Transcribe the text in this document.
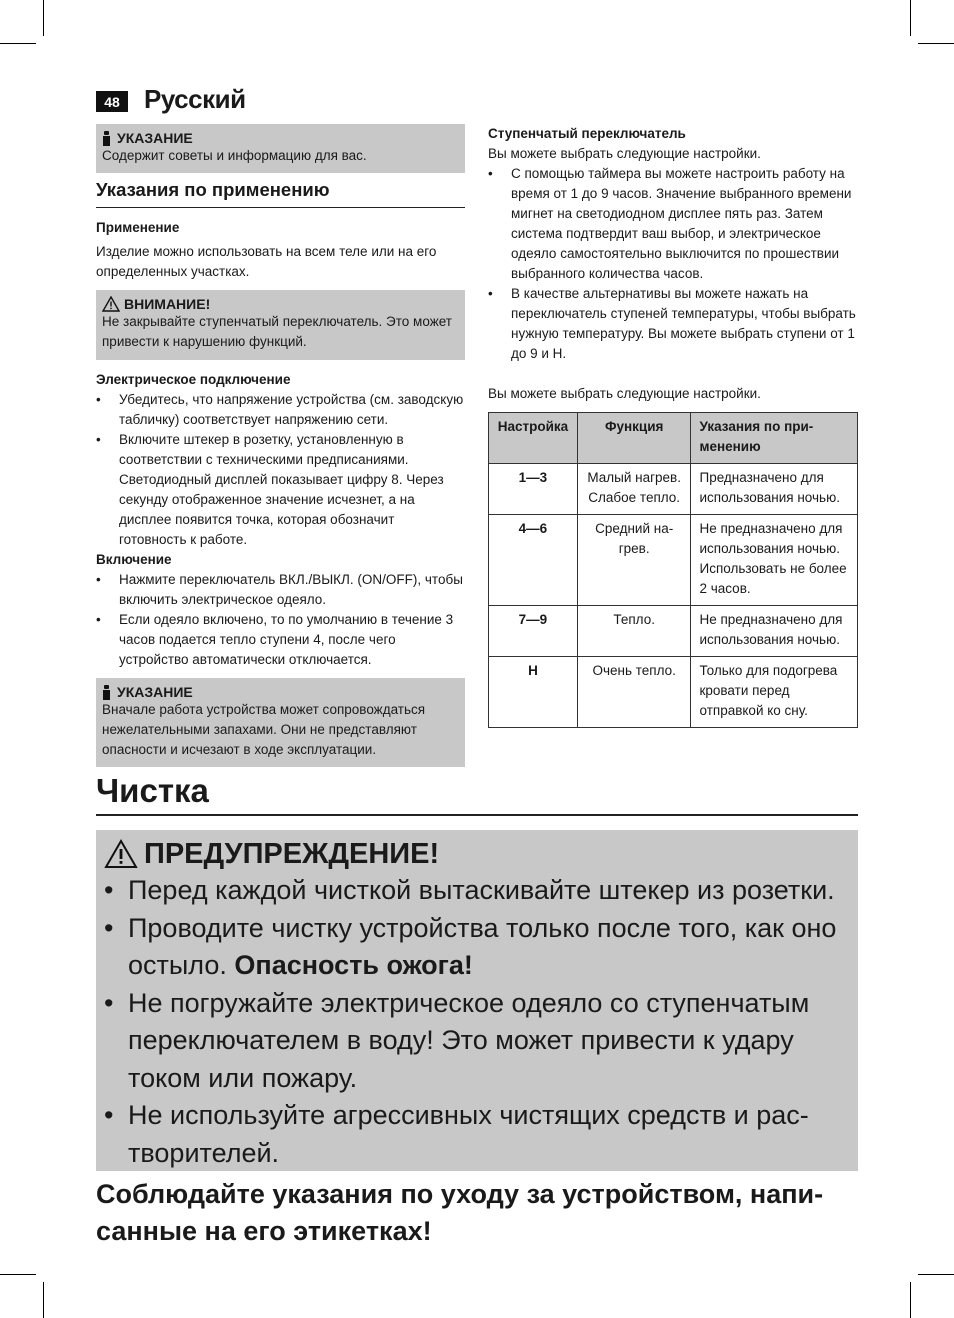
48 Русский
УКАЗАНИЕ
Содержит советы и информацию для вас.
Указания по применению
Применение

Изделие можно использовать на всем теле или на его определенных участках.

ВНИМАНИЕ!
Не закрывайте ступенчатый переключатель. Это может привести к нарушению функций.
Электрическое подключение
• Убедитесь, что напряжение устройства (см. заводскую табличку) соответствует напряжению сети.
• Включите штекер в розетку, установленную в соответствии с техническими предписаниями. Светодиодный дисплей показывает цифру 8. Через секунду отображенное значение исчезнет, а на дисплее появится точка, которая обозначит готовность к работе.
Включение
• Нажмите переключатель ВКЛ./ВЫКЛ. (ON/OFF), чтобы включить электрическое одеяло.
• Если одеяло включено, то по умолчанию в течение 3 часов подается тепло ступени 4, после чего устройство автоматически отключается.
УКАЗАНИЕ
Вначале работа устройства может сопровождаться нежелательными запахами. Они не представляют опасности и исчезают в ходе эксплуатации.
Ступенчатый переключатель

Вы можете выбрать следующие настройки.

• С помощью таймера вы можете настроить работу на время от 1 до 9 часов. Значение выбранного времени мигнет на светодиодном дисплее пять раз. Затем система подтвердит ваш выбор, и электрическое одеяло самостоятельно выключится по прошествии выбранного количества часов.
• В качестве альтернативы вы можете нажать на переключатель ступеней температуры, чтобы выбрать нужную температуру. Вы можете выбрать ступени от 1 до 9 и H.

Вы можете выбрать следующие настройки.

Настройка	Функция	Указания по применению
1—3	Малый нагрев. Слабое тепло.	Предназначено для использования ночью.
4—6	Средний нагрев.	Не предназначено для использования ночью. Использовать не более 2 часов.
7—9	Тепло.	Не предназначено для использования ночью.
H	Очень тепло.	Только для подогрева кровати перед отправкой ко сну.
Чистка
ПРЕДУПРЕЖДЕНИЕ!
• Перед каждой чисткой вытаскивайте штекер из розетки.
• Проводите чистку устройства только после того, как оно остыло. Опасность ожога!
• Не погружайте электрическое одеяло со ступенчатым переключателем в воду! Это может привести к удару током или пожару.
• Не используйте агрессивных чистящих средств и растворителей.
Соблюдайте указания по уходу за устройством, написанные на его этикетках!
